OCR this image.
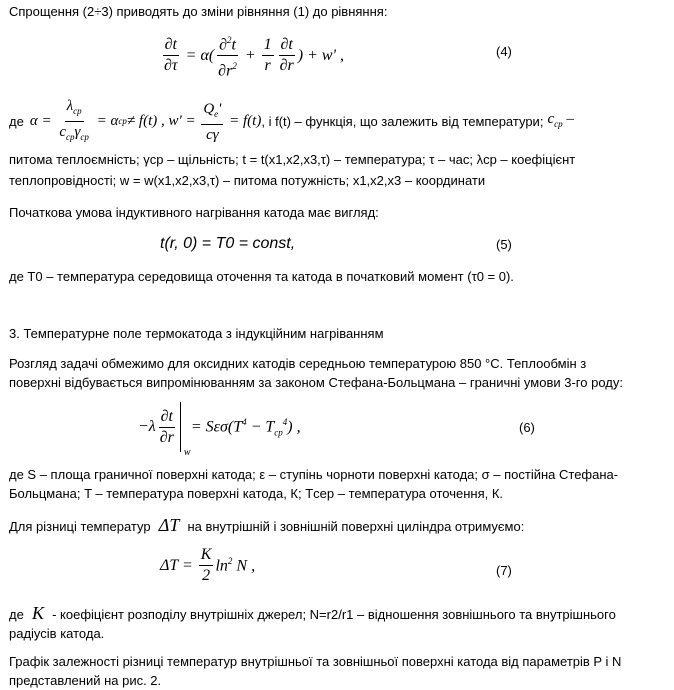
Спрощення (2÷3) приводять до зміни рівняння (1) до рівняння:
$\frac{\partial t}{\partial\tau} = \alpha( \frac{\partial^2t}{\partial r^2} + \frac{1}{r} \frac{\partial t}{\partial r}$ ) + w' ,	(4)
де $\alpha = \frac{\lambda_{cp}}{c_{cp}\gamma_{cp}} = \alpha$ cp ≠ f(t) , $w' = \frac{Q_e'}{c\gamma} = f(t)$ , і f(t) – функція, що залежить від температури; $c_{cp}$ –
питома теплоємність; γcp – щільність; t = t(x1,x2,x3,τ) – температура; τ – час; λcp – коефіцієнт
теплопровідності; w = w(x1,x2,x3,τ) – питома потужність; x1,x2,x3 – координати
Початкова умова індуктивного нагрівання катода має вигляд:
t(r, 0) = T0 = const,	(5)
де T0 – температура середовища оточення та катода в початковий момент (τ0 = 0).
3. Температурне поле термокатода з індукційним нагріванням
Розгляд задачі обмежимо для оксидних катодів середньою температурою 850 °С. Теплообмін з
поверхні відбувається випромінюванням за законом Стефана-Больцмана – граничні умови 3-го роду:
$-\lambda \frac{\partial t}{\partial r}$
w
= $S\varepsilon\sigma(T^4 - T_{cp}^4)$ ,	(6)
де S – площа граничної поверхні катода; ε – ступінь чорноти поверхні катода; σ – постійна Стефана-
Больцмана; T – температура поверхні катода, К; Tсер – температура оточення, К.
Для різниці температур  ΔT  на внутрішній і зовнішній поверхні циліндра отримуємо:
$\Delta T = \frac{K}{2} \ln^2 N$ ,	(7)
де  K  - коефіцієнт розподілу внутрішніх джерел; N=r2/r1 – відношення зовнішнього та внутрішнього
радіусів катода.
Графік залежності різниці температур внутрішньої та зовнішньої поверхні катода від параметрів P і N
представлений на рис. 2.
